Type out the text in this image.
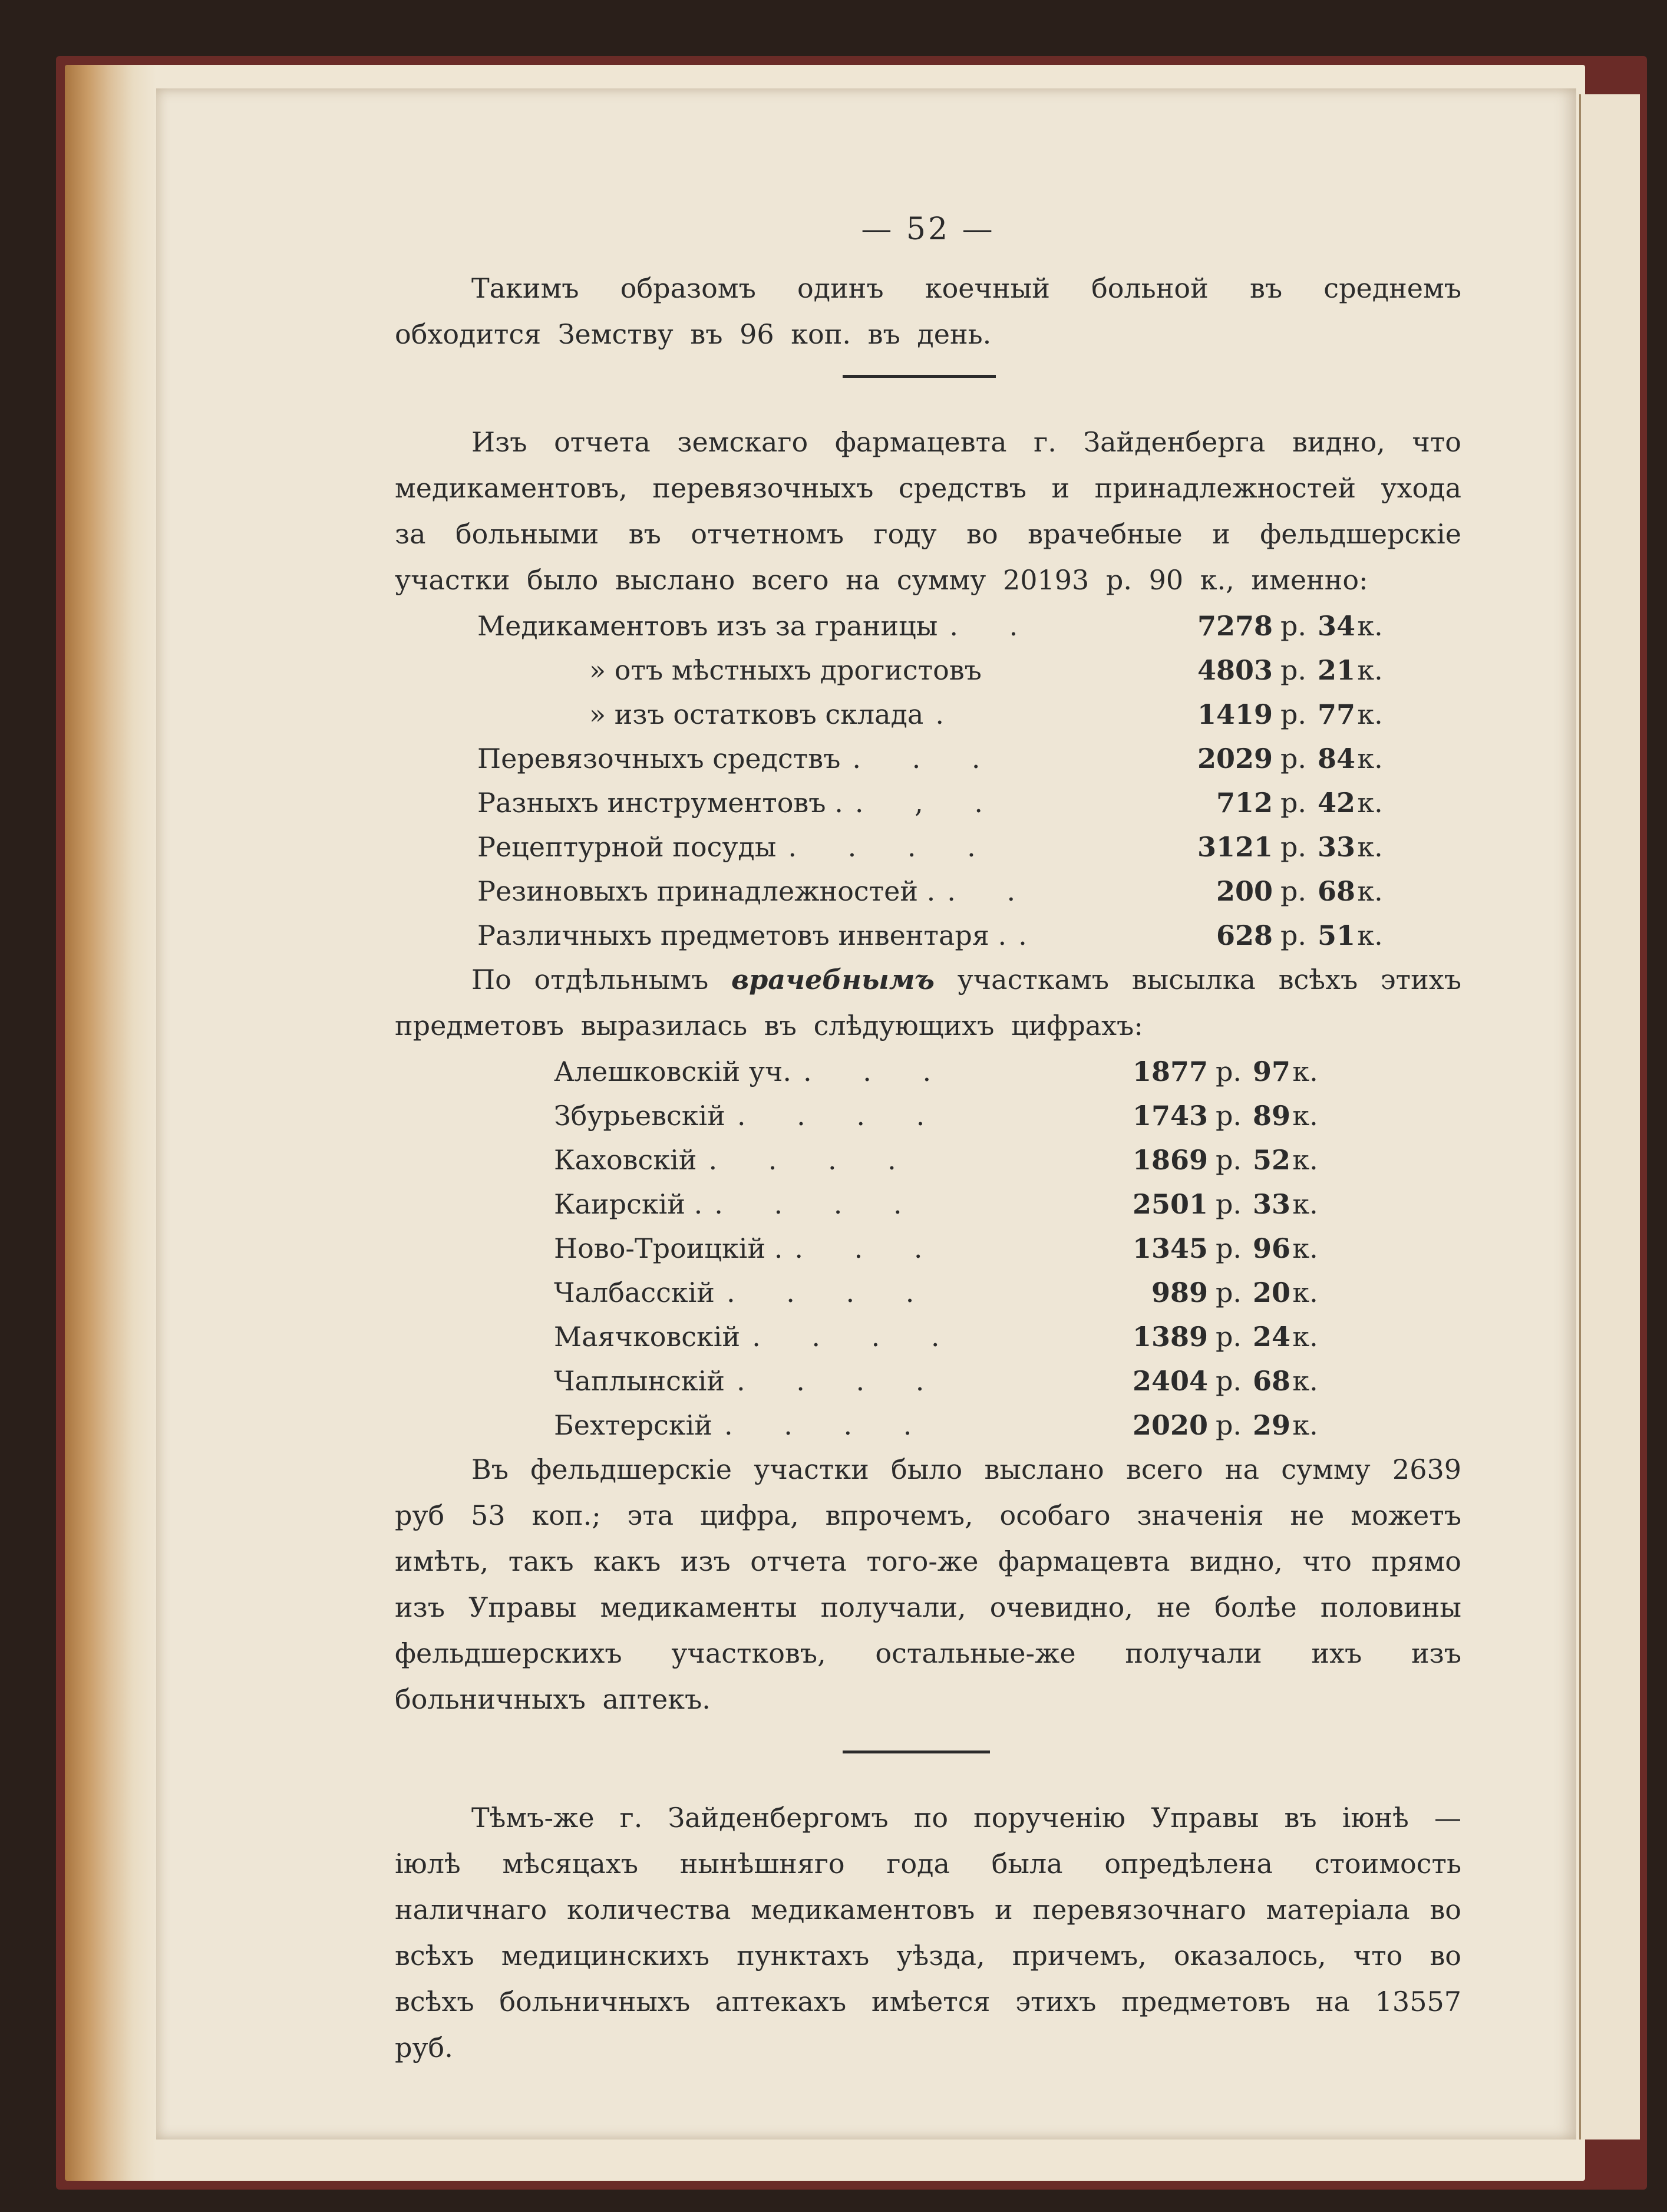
— 52 —

Такимъ образомъ одинъ коечный больной въ среднемъ обходится Земству въ 96 коп. въ день.

Изъ отчета земскаго фармацевта г. Зайденберга видно, что медикаментовъ, перевязочныхъ средствъ и принадлежностей ухода за больными въ отчетномъ году во врачебные и фельдшерскіе участки было выслано всего на сумму 20193 р. 90 к., именно:

Медикаментовъ изъ за границы . .	7278 р. 34 к.
» отъ мѣстныхъ дрогистовъ	4803 р. 21 к.
» изъ остатковъ склада .	1419 р. 77 к.
Перевязочныхъ средствъ . . .	2029 р. 84 к.
Разныхъ инструментовъ . . , .	712 р. 42 к.
Рецептурной посуды . . . .	3121 р. 33 к.
Резиновыхъ принадлежностей . . .	200 р. 68 к.
Различныхъ предметовъ инвентаря . .	628 р. 51 к.

По отдѣльнымъ врачебнымъ участкамъ высылка всѣхъ этихъ предметовъ выразилась въ слѣдующихъ цифрахъ:

Алешковскій уч. . . .	1877 р. 97 к.
Збурьевскій . . . .	1743 р. 89 к.
Каховскій . . . .	1869 р. 52 к.
Каирскій . . . . .	2501 р. 33 к.
Ново-Троицкій . . . .	1345 р. 96 к.
Чалбасскій . . . .	989 р. 20 к.
Маячковскій . . . .	1389 р. 24 к.
Чаплынскій . . . .	2404 р. 68 к.
Бехтерскій . . . .	2020 р. 29 к.

Въ фельдшерскіе участки было выслано всего на сумму 2639 руб 53 коп.; эта цифра, впрочемъ, особаго значенія не можетъ имѣть, такъ какъ изъ отчета того-же фармацевта видно, что прямо изъ Управы медикаменты получали, очевидно, не болѣе половины фельдшерскихъ участковъ, остальные-же получали ихъ изъ больничныхъ аптекъ.

Тѣмъ-же г. Зайденбергомъ по порученію Управы въ іюнѣ — іюлѣ мѣсяцахъ нынѣшняго года была опредѣлена стоимость наличнаго количества медикаментовъ и перевязочнаго матеріала во всѣхъ медицинскихъ пунктахъ уѣзда, причемъ, оказалось, что во всѣхъ больничныхъ аптекахъ имѣется этихъ предметовъ на 13557 руб.
